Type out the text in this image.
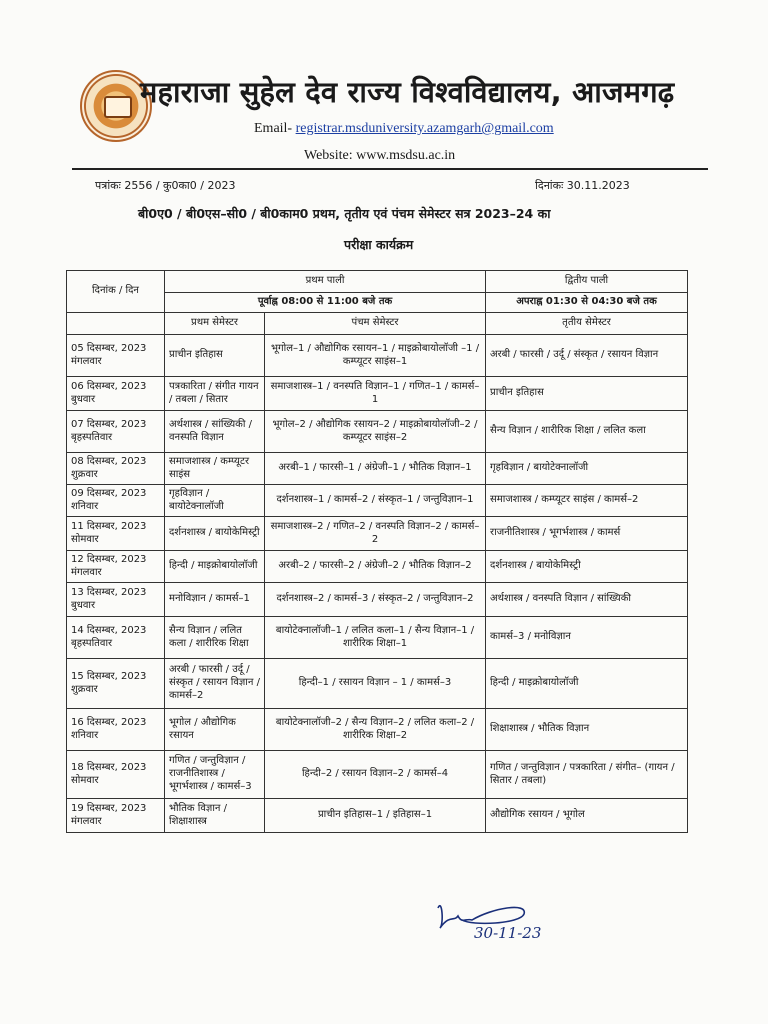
महाराजा सुहेल देव राज्य विश्वविद्यालय, आजमगढ़
Email- registrar.msduniversity.azamgarh@gmail.com
Website: www.msdsu.ac.in
पत्रांकः 2556 / कु0का0 / 2023	दिनांकः 30.11.2023
बी0ए0 / बी0एस–सी0 / बी0काम0 प्रथम, तृतीय एवं पंचम सेमेस्टर सत्र 2023–24 का
परीक्षा कार्यक्रम
दिनांक / दिन	प्रथम पाली		द्वितीय पाली
	पूर्वाह्न 08:00 से 11:00 बजे तक		अपराह्न 01:30 से 04:30 बजे तक
	प्रथम सेमेस्टर	पंचम सेमेस्टर	तृतीय सेमेस्टर

05 दिसम्बर, 2023
मंगलवार	प्राचीन इतिहास	भूगोल–1 / औद्योगिक रसायन–1 / माइक्रोबायोलॉजी –1 / कम्प्यूटर साइंस–1	अरबी / फारसी / उर्दू / संस्कृत / रसायन विज्ञान

06 दिसम्बर, 2023
बुधवार	पत्रकारिता / संगीत गायन / तबला / सितार	समाजशास्त्र–1 / वनस्पति विज्ञान–1 / गणित–1 / कामर्स–1	प्राचीन इतिहास

07 दिसम्बर, 2023
बृहस्पतिवार	अर्थशास्त्र / सांख्यिकी / वनस्पति विज्ञान	भूगोल–2 / औद्योगिक रसायन–2 / माइक्रोबायोलॉजी–2 / कम्प्यूटर साइंस–2	सैन्य विज्ञान / शारीरिक शिक्षा / ललित कला

08 दिसम्बर, 2023
शुक्रवार	समाजशास्त्र / कम्प्यूटर साइंस	अरबी–1 / फारसी–1 / अंग्रेजी–1 / भौतिक विज्ञान–1	गृहविज्ञान / बायोटेक्नालॉजी

09 दिसम्बर, 2023
शनिवार	गृहविज्ञान / बायोटेक्नालॉजी	दर्शनशास्त्र–1 / कामर्स–2 / संस्कृत–1 / जन्तुविज्ञान–1	समाजशास्त्र / कम्प्यूटर साइंस / कामर्स–2

11 दिसम्बर, 2023
सोमवार	दर्शनशास्त्र / बायोकेमिस्ट्री	समाजशास्त्र–2 / गणित–2 / वनस्पति विज्ञान–2 / कामर्स–2	राजनीतिशास्त्र / भूगर्भशास्त्र / कामर्स

12 दिसम्बर, 2023
मंगलवार	हिन्दी / माइक्रोबायोलॉजी	अरबी–2 / फारसी–2 / अंग्रेजी–2 / भौतिक विज्ञान–2	दर्शनशास्त्र / बायोकेमिस्ट्री

13 दिसम्बर, 2023
बुधवार	मनोविज्ञान / कामर्स–1	दर्शनशास्त्र–2 / कामर्स–3 / संस्कृत–2 / जन्तुविज्ञान–2	अर्थशास्त्र / वनस्पति विज्ञान / सांख्यिकी

14 दिसम्बर, 2023
बृहस्पतिवार	सैन्य विज्ञान / ललित कला / शारीरिक शिक्षा	बायोटेक्नालॉजी–1 / ललित कला–1 / सैन्य विज्ञान–1 / शारीरिक शिक्षा–1	कामर्स–3 / मनोविज्ञान

15 दिसम्बर, 2023
शुक्रवार	अरबी / फारसी / उर्दू / संस्कृत / रसायन विज्ञान / कामर्स–2	हिन्दी–1 / रसायन विज्ञान – 1 / कामर्स–3	हिन्दी / माइक्रोबायोलॉजी

16 दिसम्बर, 2023
शनिवार	भूगोल / औद्योगिक रसायन	बायोटेक्नालॉजी–2 / सैन्य विज्ञान–2 / ललित कला–2 / शारीरिक शिक्षा–2	शिक्षाशास्त्र / भौतिक विज्ञान

18 दिसम्बर, 2023
सोमवार	गणित / जन्तुविज्ञान / राजनीतिशास्त्र / भूगर्भशास्त्र / कामर्स–3	हिन्दी–2 / रसायन विज्ञान–2 / कामर्स–4	गणित / जन्तुविज्ञान / पत्रकारिता / संगीत– (गायन / सितार / तबला)

19 दिसम्बर, 2023
मंगलवार	भौतिक विज्ञान / शिक्षाशास्त्र	प्राचीन इतिहास–1 / इतिहास–1	औद्योगिक रसायन / भूगोल
30-11-23
